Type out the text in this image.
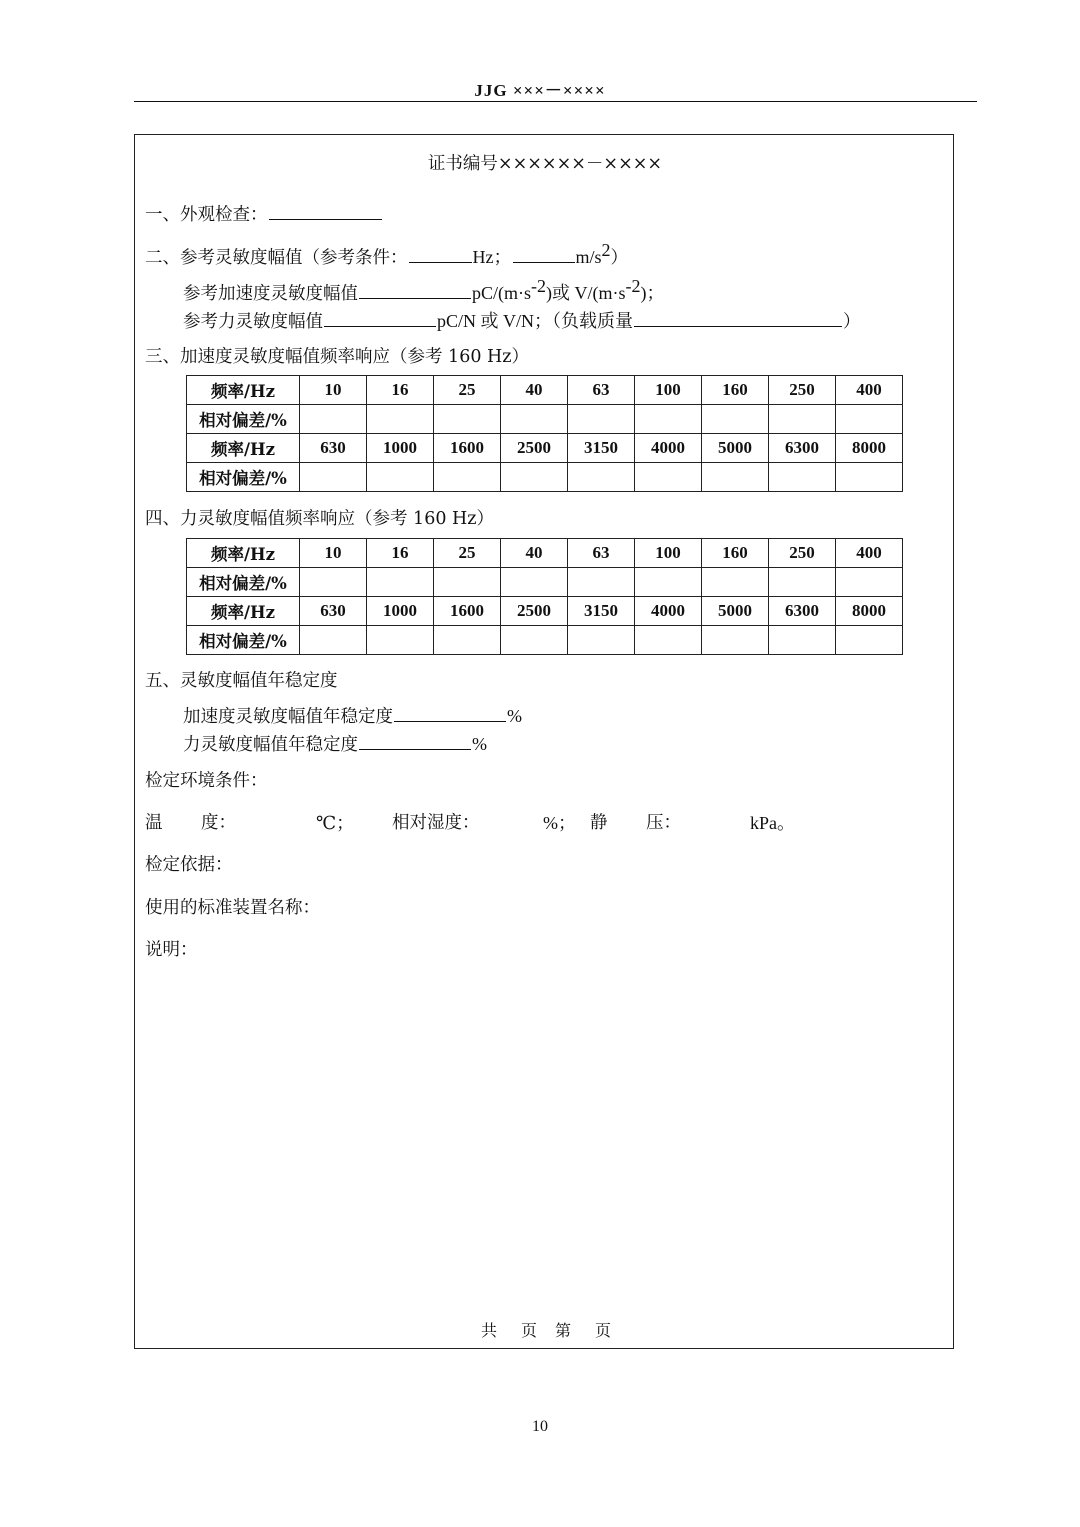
JJG ×××－××××
证书编号××××××－××××
一、外观检查：
二、参考灵敏度幅值（参考条件：	Hz；	$m/s^2$）
参考加速度灵敏度幅值	$pC/(m\cdot s^{-2})$或 $V/(m\cdot s^{-2})$；
参考力灵敏度幅值	pC/N 或 V/N；（负载质量	）
三、加速度灵敏度幅值频率响应（参考 160 Hz）
频率/Hz	10	16	25	40	63	100	160	250	400
相对偏差/%									
频率/Hz	630	1000	1600	2500	3150	4000	5000	6300	8000
相对偏差/%									
四、力灵敏度幅值频率响应（参考 160 Hz）
频率/Hz	10	16	25	40	63	100	160	250	400
相对偏差/%									
频率/Hz	630	1000	1600	2500	3150	4000	5000	6300	8000
相对偏差/%									
五、灵敏度幅值年稳定度
加速度灵敏度幅值年稳定度	%
力灵敏度幅值年稳定度	%
检定环境条件：
温 度：	℃； 相对湿度：	%； 静 压：	kPa。
检定依据：
使用的标准装置名称：
说明：
共 页 第 页
10
